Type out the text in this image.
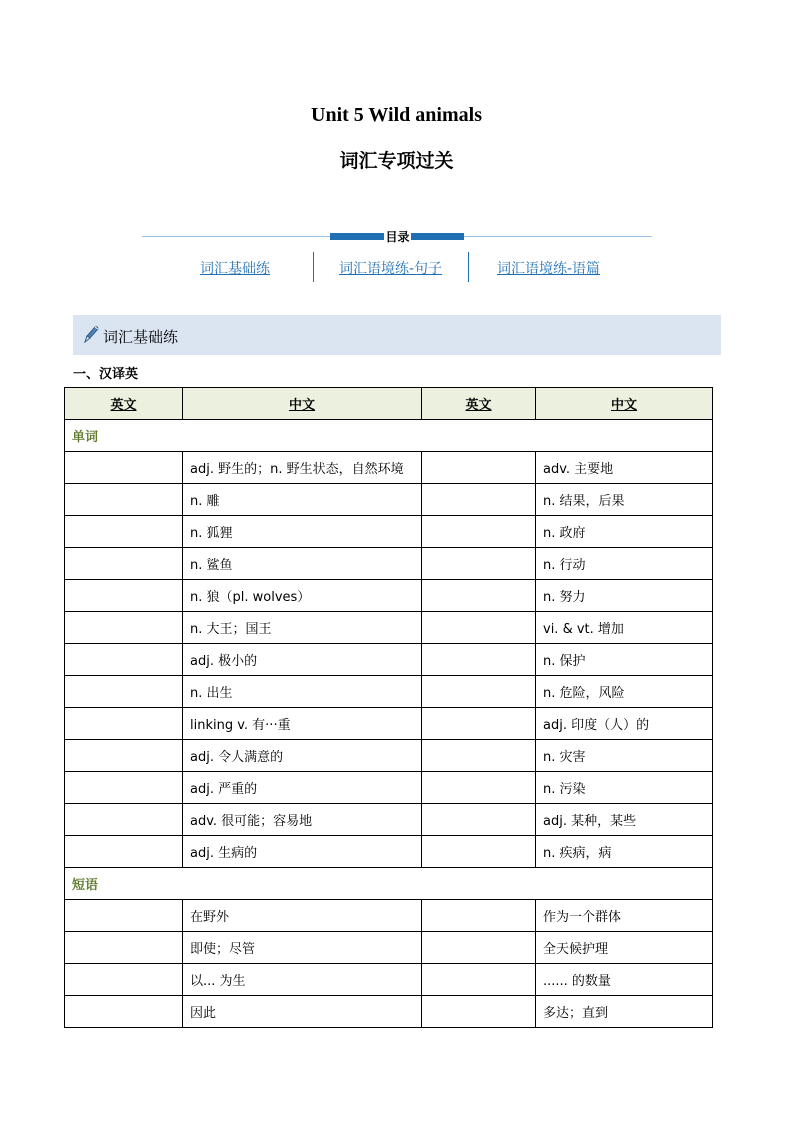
Unit 5 Wild animals
词汇专项过关
目录
词汇基础练	词汇语境练-句子	词汇语境练-语篇
词汇基础练
一、汉译英
英文	中文	英文	中文
单词			
	adj. 野生的；n. 野生状态，自然环境		adv. 主要地
	n. 雕		n. 结果，后果
	n. 狐狸		n. 政府
	n. 鲨鱼		n. 行动
	n. 狼（pl. wolves）		n. 努力
	n. 大王；国王		vi. & vt. 增加
	adj. 极小的		n. 保护
	n. 出生		n. 危险，风险
	linking v. 有···重		adj. 印度（人）的
	adj. 令人满意的		n. 灾害
	adj. 严重的		n. 污染
	adv. 很可能；容易地		adj. 某种，某些
	adj. 生病的		n. 疾病，病
短语			
	在野外		作为一个群体
	即使；尽管		全天候护理
	以... 为生		...... 的数量
	因此		多达；直到
